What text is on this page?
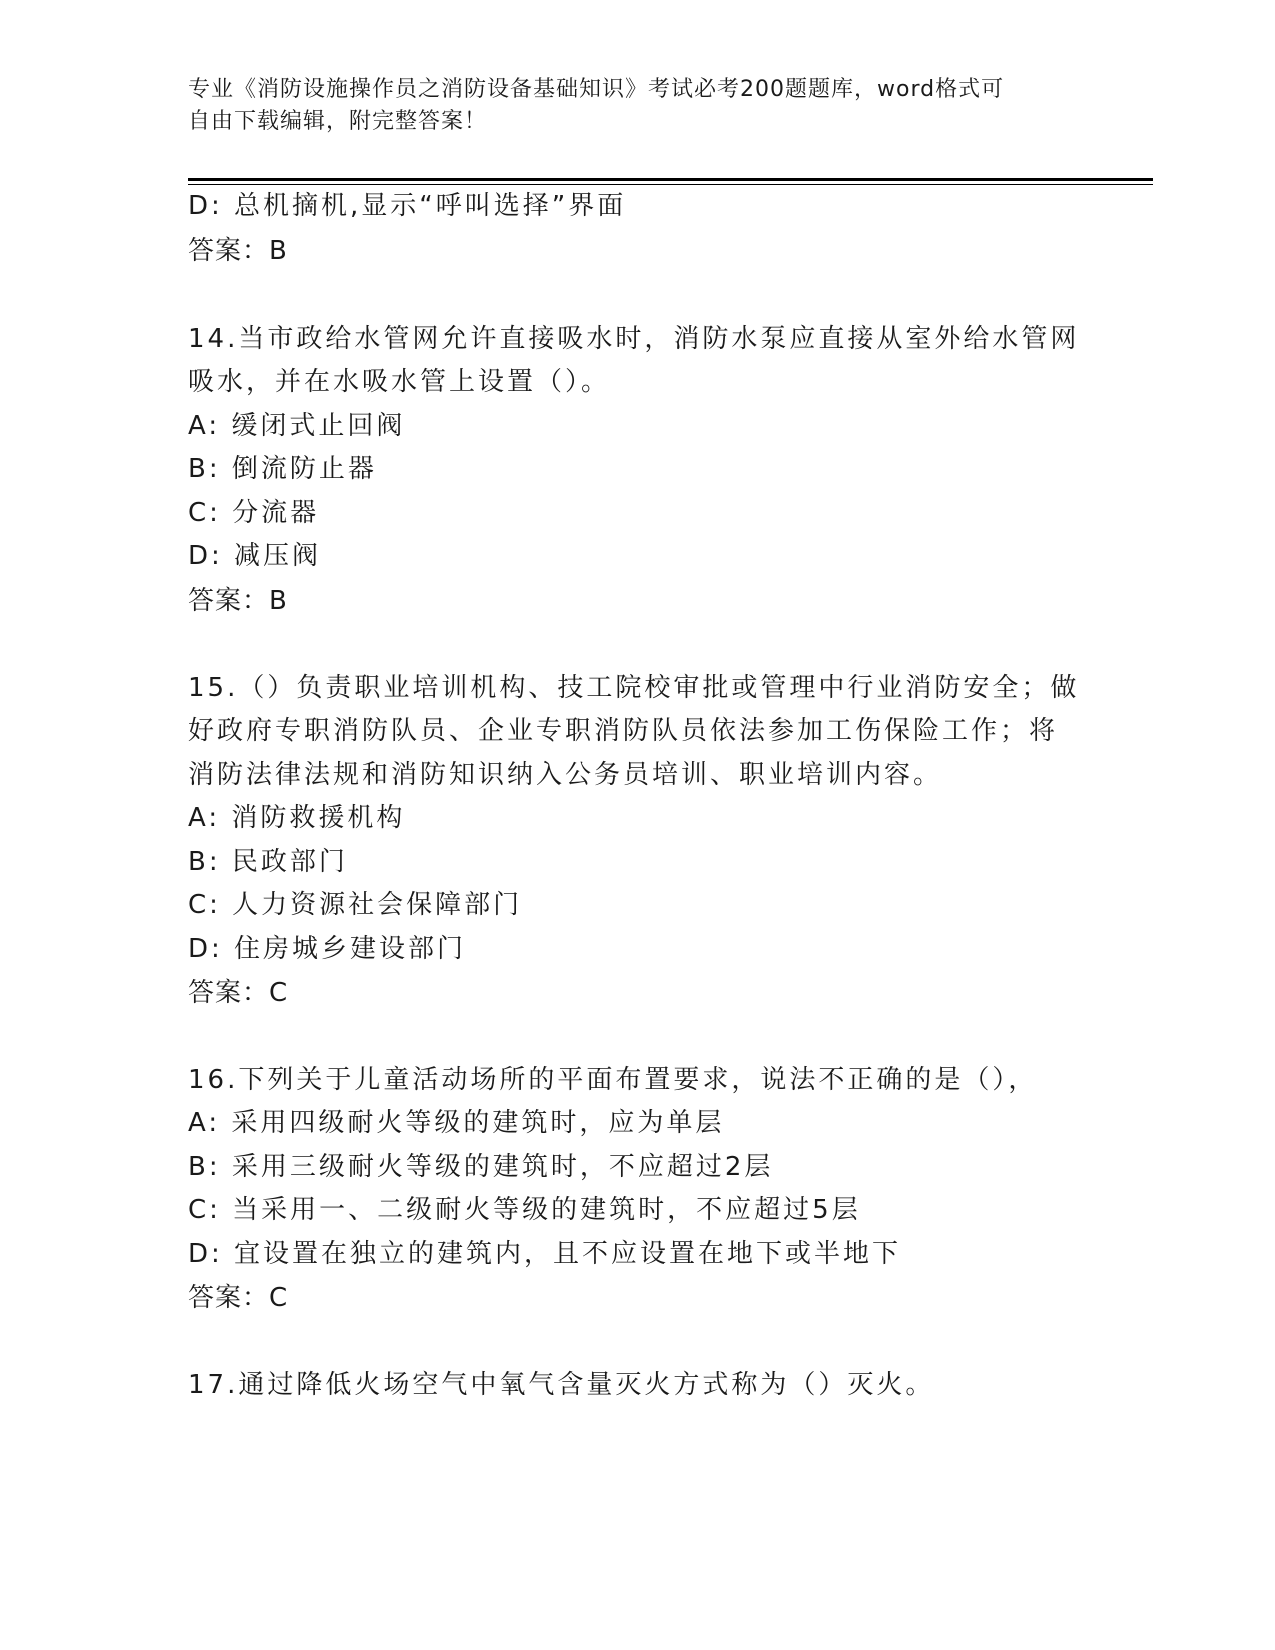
专业《消防设施操作员之消防设备基础知识》考试必考200题题库，word格式可
自由下载编辑，附完整答案！
D: 总机摘机,显示“呼叫选择”界面
答案：B
14.当市政给水管网允许直接吸水时，消防水泵应直接从室外给水管网
吸水，并在水吸水管上设置（）。
A: 缓闭式止回阀
B: 倒流防止器
C: 分流器
D: 减压阀
答案：B
15.（）负责职业培训机构、技工院校审批或管理中行业消防安全；做
好政府专职消防队员、企业专职消防队员依法参加工伤保险工作；将
消防法律法规和消防知识纳入公务员培训、职业培训内容。
A: 消防救援机构
B: 民政部门
C: 人力资源社会保障部门
D: 住房城乡建设部门
答案：C
16.下列关于儿童活动场所的平面布置要求，说法不正确的是（），
A: 采用四级耐火等级的建筑时，应为单层
B: 采用三级耐火等级的建筑时，不应超过2层
C: 当采用一、二级耐火等级的建筑时，不应超过5层
D: 宜设置在独立的建筑内，且不应设置在地下或半地下
答案：C
17.通过降低火场空气中氧气含量灭火方式称为（）灭火。
